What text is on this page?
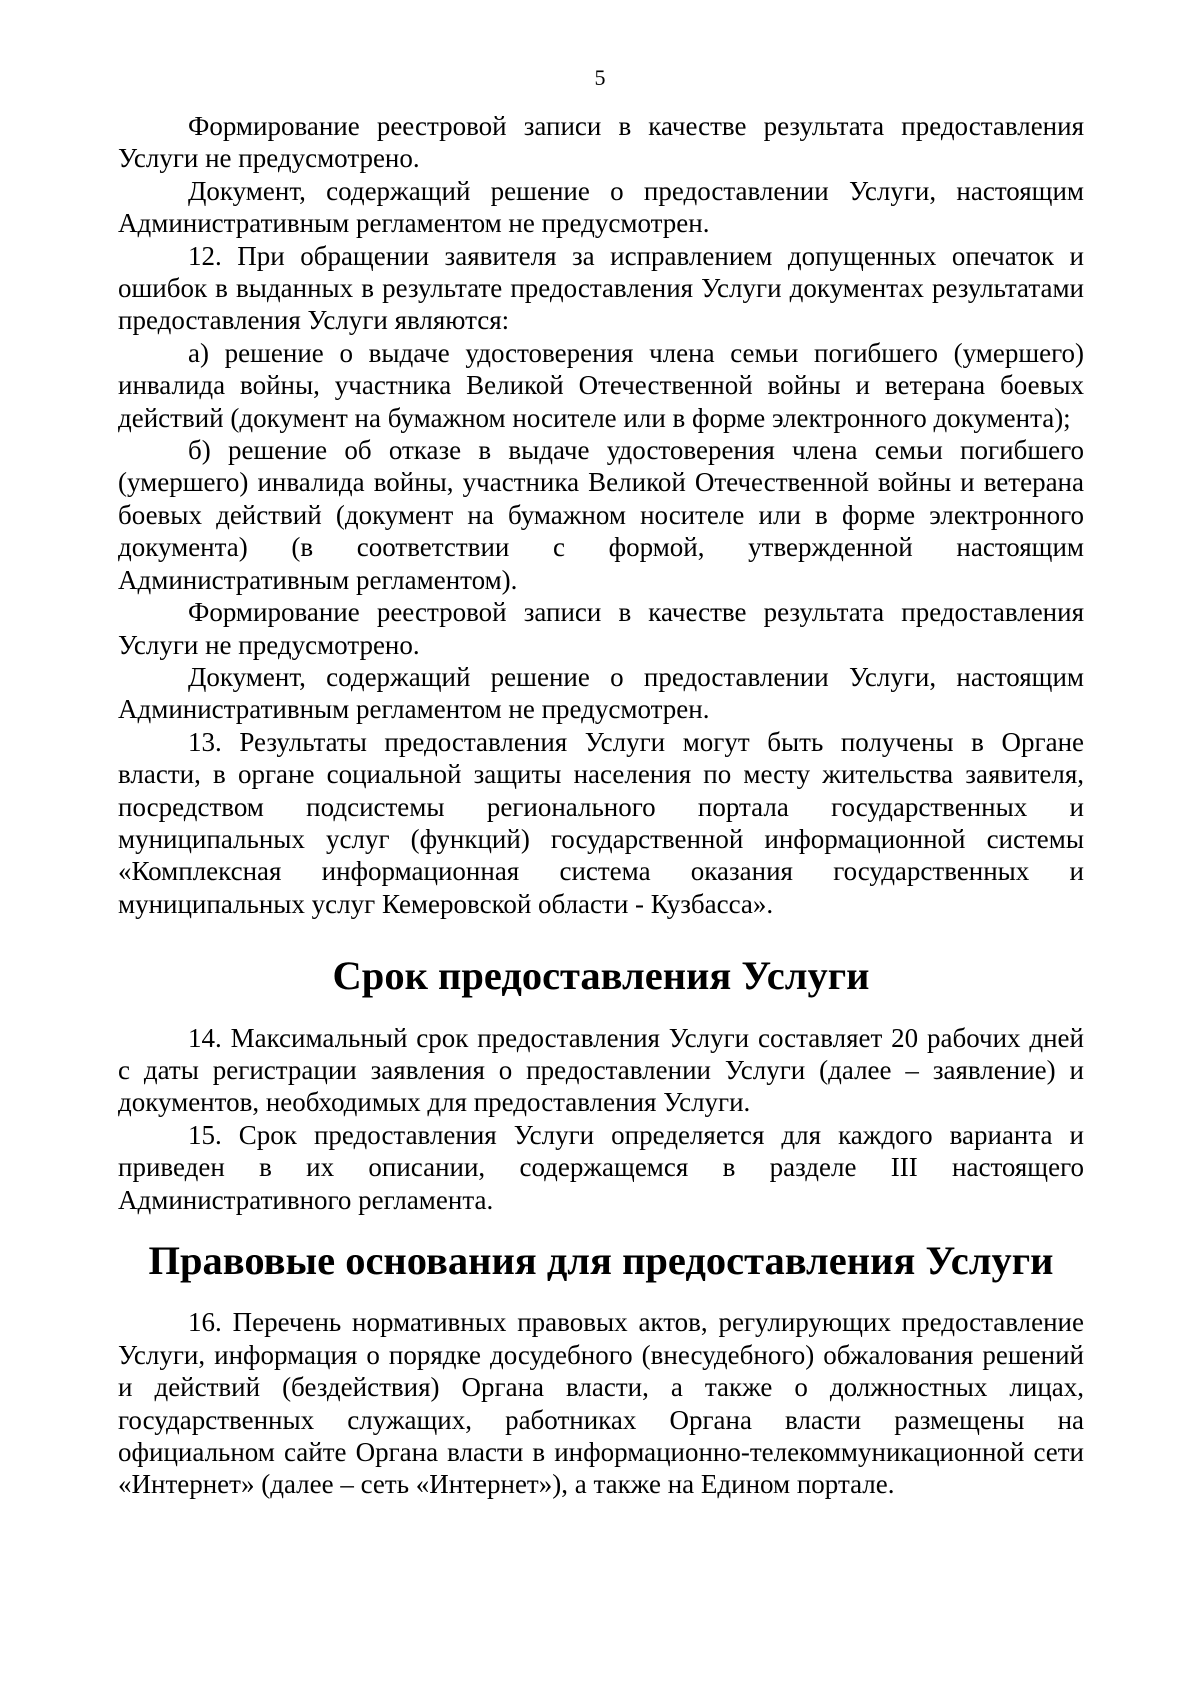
5

Формирование реестровой записи в качестве результата предоставления Услуги не предусмотрено.

Документ, содержащий решение о предоставлении Услуги, настоящим Административным регламентом не предусмотрен.

12. При обращении заявителя за исправлением допущенных опечаток и ошибок в выданных в результате предоставления Услуги документах результатами предоставления Услуги являются:

а) решение о выдаче удостоверения члена семьи погибшего (умершего) инвалида войны, участника Великой Отечественной войны и ветерана боевых действий (документ на бумажном носителе или в форме электронного документа);

б) решение об отказе в выдаче удостоверения члена семьи погибшего (умершего) инвалида войны, участника Великой Отечественной войны и ветерана боевых действий (документ на бумажном носителе или в форме электронного документа) (в соответствии с формой, утвержденной настоящим Административным регламентом).

Формирование реестровой записи в качестве результата предоставления Услуги не предусмотрено.

Документ, содержащий решение о предоставлении Услуги, настоящим Административным регламентом не предусмотрен.

13. Результаты предоставления Услуги могут быть получены в Органе власти, в органе социальной защиты населения по месту жительства заявителя, посредством подсистемы регионального портала государственных и муниципальных услуг (функций) государственной информационной системы «Комплексная информационная система оказания государственных и муниципальных услуг Кемеровской области - Кузбасса».

Срок предоставления Услуги

14. Максимальный срок предоставления Услуги составляет 20 рабочих дней с даты регистрации заявления о предоставлении Услуги (далее – заявление) и документов, необходимых для предоставления Услуги.

15. Срок предоставления Услуги определяется для каждого варианта и приведен в их описании, содержащемся в разделе III настоящего Административного регламента.

Правовые основания для предоставления Услуги

16. Перечень нормативных правовых актов, регулирующих предоставление Услуги, информация о порядке досудебного (внесудебного) обжалования решений и действий (бездействия) Органа власти, а также о должностных лицах, государственных служащих, работниках Органа власти размещены на официальном сайте Органа власти в информационно-телекоммуникационной сети «Интернет» (далее – сеть «Интернет»), а также на Едином портале.
